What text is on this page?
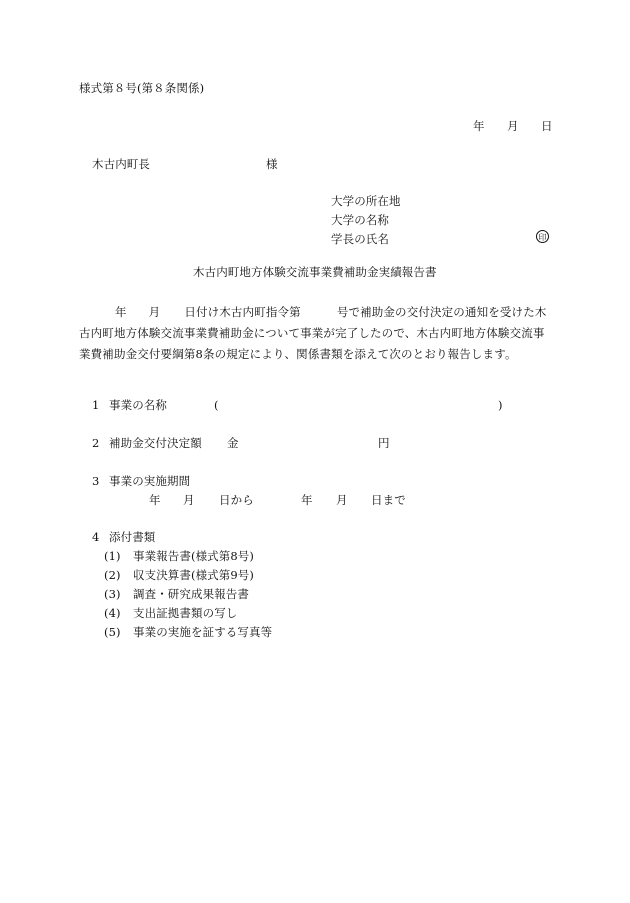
様式第８号(第８条関係)
年 月 日
木古内町長	様
大学の所在地
大学の名称
学長の氏名	印
木古内町地方体験交流事業費補助金実績報告書
年 月 日付け木古内町指令第	号で補助金の交付決定の通知を受けた木
古内町地方体験交流事業費補助金について事業が完了したので、木古内町地方体験交流事
業費補助金交付要綱第8条の規定により、関係書類を添えて次のとおり報告します。
1 事業の名称	(	)
2 補助金交付決定額 金	円
3 事業の実施期間
年 月 日から	年 月 日まで
4 添付書類
(1) 事業報告書(様式第8号)
(2) 収支決算書(様式第9号)
(3) 調査・研究成果報告書
(4) 支出証拠書類の写し
(5) 事業の実施を証する写真等
